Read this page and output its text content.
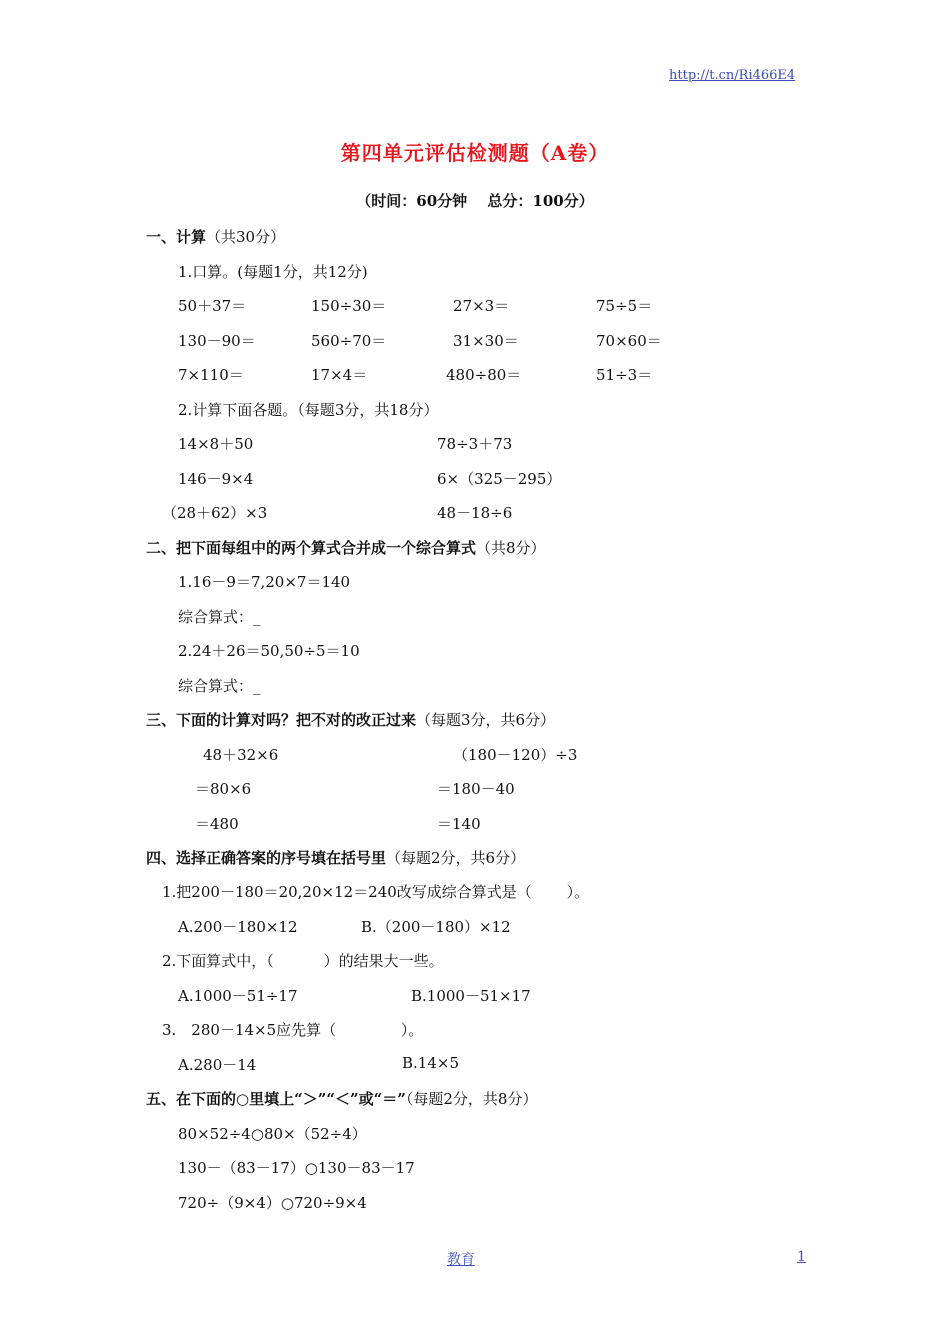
http://t.cn/Ri466E4
第四单元评估检测题（A卷）
（时间：60分钟　 总分：100分）
一、计算（共30分）
1.口算。(每题1分，共12分)
50＋37＝	150÷30＝	27×3＝	75÷5＝
130－90＝	560÷70＝	31×30＝	70×60＝
7×110＝	17×4＝	480÷80＝	51÷3＝
2.计算下面各题。（每题3分，共18分）
14×8＋50	78÷3＋73
146－9×4	6×（325－295）
（28＋62）×3	48－18÷6
二、把下面每组中的两个算式合并成一个综合算式（共8分）
1.16－9＝7,20×7＝140
综合算式：_
2.24＋26＝50,50÷5＝10
综合算式：_
三、下面的计算对吗？把不对的改正过来（每题3分，共6分）
48＋32×6	（180－120）÷3
＝80×6	＝180－40
＝480	＝140
四、选择正确答案的序号填在括号里（每题2分，共6分）
1.把200－180＝20,20×12＝240改写成综合算式是（　　 ）。
A.200－180×12	B.（200－180）×12
2.下面算式中，（　　　 ）的结果大一些。
A.1000－51÷17	B.1000－51×17
3.　280－14×5应先算（　　　　 ）。
A.280－14	B.14×5
五、在下面的○里填上“＞”“＜”或“＝”（每题2分，共8分）
80×52÷4○80×（52÷4）
130－（83－17）○130－83－17
720÷（9×4）○720÷9×4
教育	1
